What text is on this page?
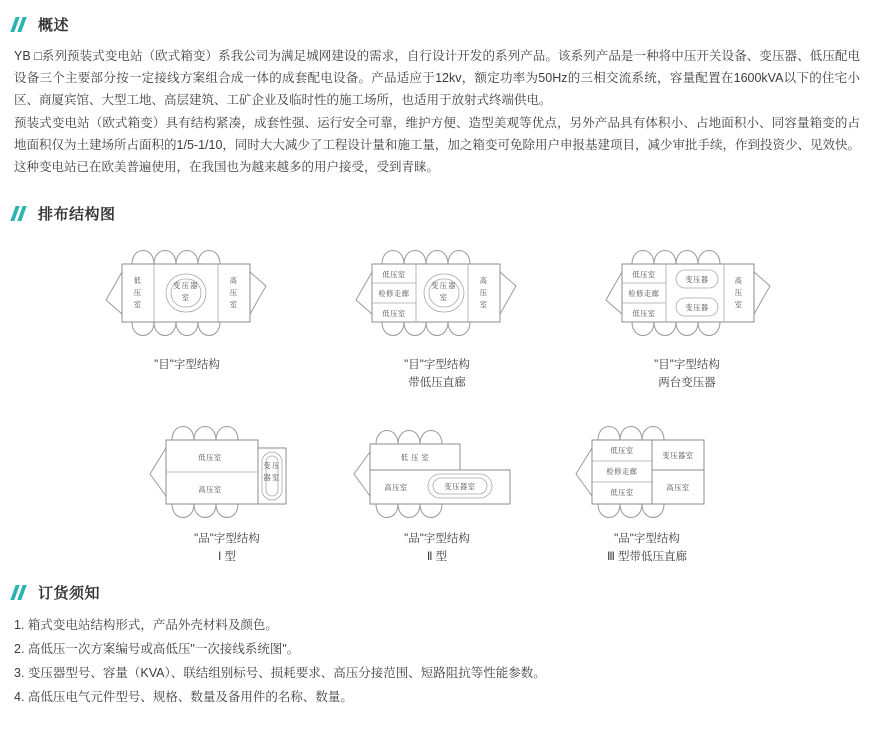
概述

YB □系列预装式变电站（欧式箱变）系我公司为满足城网建设的需求，自行设计开发的系列产品。该系列产品是一种将中压开关设备、变压器、低压配电设备三个主要部分按一定接线方案组合成一体的成套配电设备。产品适应于12kv，额定功率为50Hz的三相交流系统，容量配置在1600kVA以下的住宅小区、商厦宾馆、大型工地、高层建筑、工矿企业及临时性的施工场所，也适用于放射式终端供电。

预装式变电站（欧式箱变）具有结构紧凑，成套性强、运行安全可靠，维护方便、造型美观等优点，另外产品具有体积小、占地面积小、同容量箱变的占地面积仅为土建场所占面积的1/5-1/10，同时大大减少了工程设计量和施工量，加之箱变可免除用户申报基建项目，减少审批手续，作到投资少、见效快。这种变电站已在欧美普遍使用，在我国也为越来越多的用户接受，受到青睐。

排布结构图
低
压
室
变压器
室
高
压
室
"目"字型结构
低压室
检修走廊
低压室
变压器
室
高
压
室
"目"字型结构
带低压直廊
低压室
检修走廊
低压室
变压器
变压器
高
压
室
"目"字型结构
两台变压器
低压室
高压室
变压
器室
"品"字型结构
Ⅰ 型
低 压 室
高压室	变压器室
"品"字型结构
Ⅱ 型
低压室
检修走廊
低压室
变压器室
高压室
"品"字型结构
Ⅲ 型带低压直廊
订货须知

1. 箱式变电站结构形式，产品外壳材料及颜色。

2. 高低压一次方案编号或高低压"一次接线系统图"。

3. 变压器型号、容量（KVA）、联结组别标号、损耗要求、高压分接范围、短路阻抗等性能参数。

4. 高低压电气元件型号、规格、数量及备用件的名称、数量。
